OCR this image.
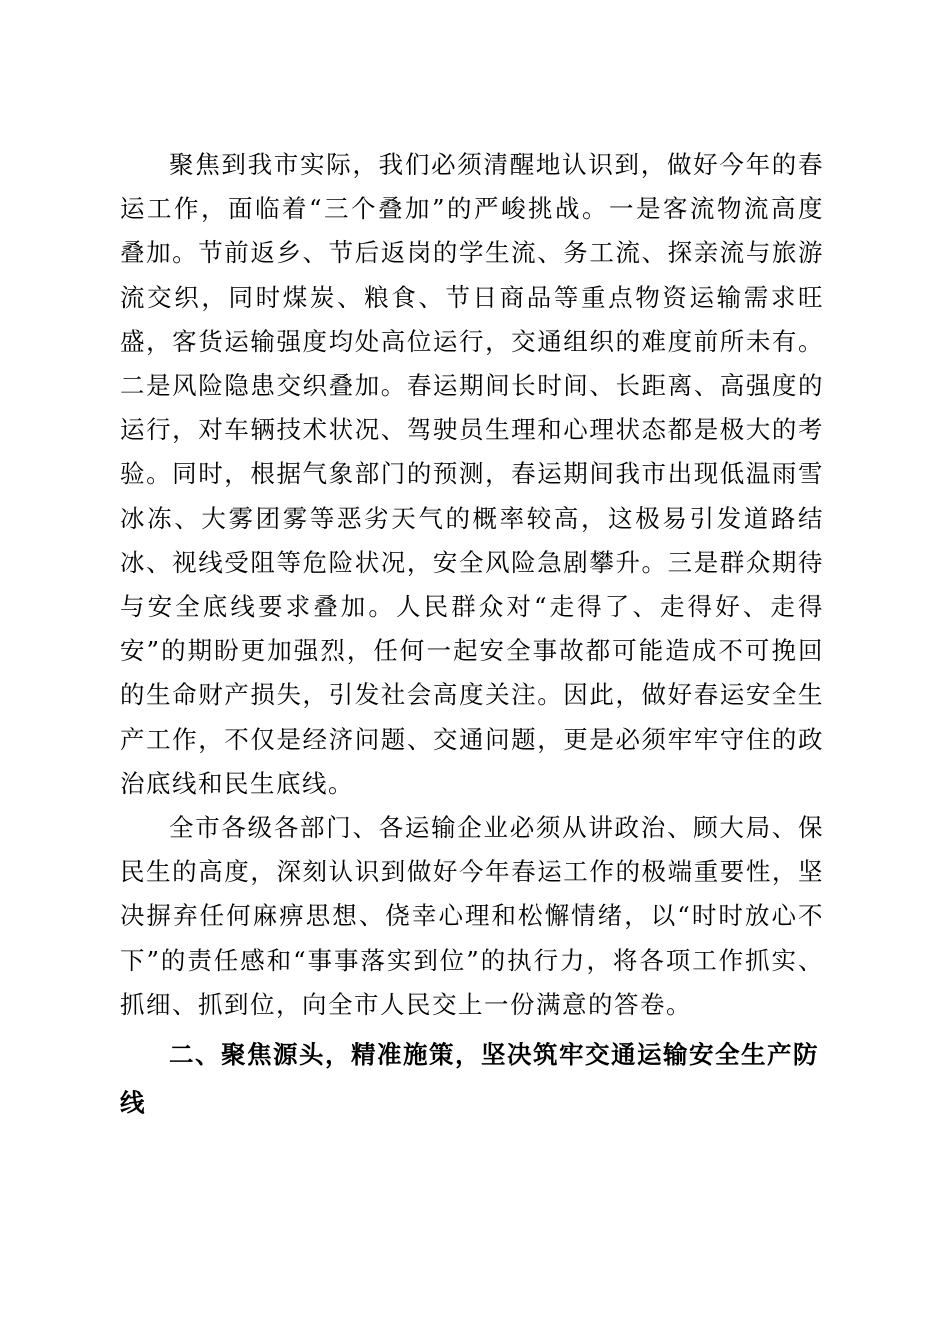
聚焦到我市实际，我们必须清醒地认识到，做好今年的春运工作，面临着“三个叠加”的严峻挑战。一是客流物流高度叠加。节前返乡、节后返岗的学生流、务工流、探亲流与旅游流交织，同时煤炭、粮食、节日商品等重点物资运输需求旺盛，客货运输强度均处高位运行，交通组织的难度前所未有。二是风险隐患交织叠加。春运期间长时间、长距离、高强度的运行，对车辆技术状况、驾驶员生理和心理状态都是极大的考验。同时，根据气象部门的预测，春运期间我市出现低温雨雪冰冻、大雾团雾等恶劣天气的概率较高，这极易引发道路结冰、视线受阻等危险状况，安全风险急剧攀升。三是群众期待与安全底线要求叠加。人民群众对“走得了、走得好、走得安”的期盼更加强烈，任何一起安全事故都可能造成不可挽回的生命财产损失，引发社会高度关注。因此，做好春运安全生产工作，不仅是经济问题、交通问题，更是必须牢牢守住的政治底线和民生底线。

全市各级各部门、各运输企业必须从讲政治、顾大局、保民生的高度，深刻认识到做好今年春运工作的极端重要性，坚决摒弃任何麻痹思想、侥幸心理和松懈情绪，以“时时放心不下”的责任感和“事事落实到位”的执行力，将各项工作抓实、抓细、抓到位，向全市人民交上一份满意的答卷。

二、聚焦源头，精准施策，坚决筑牢交通运输安全生产防线
